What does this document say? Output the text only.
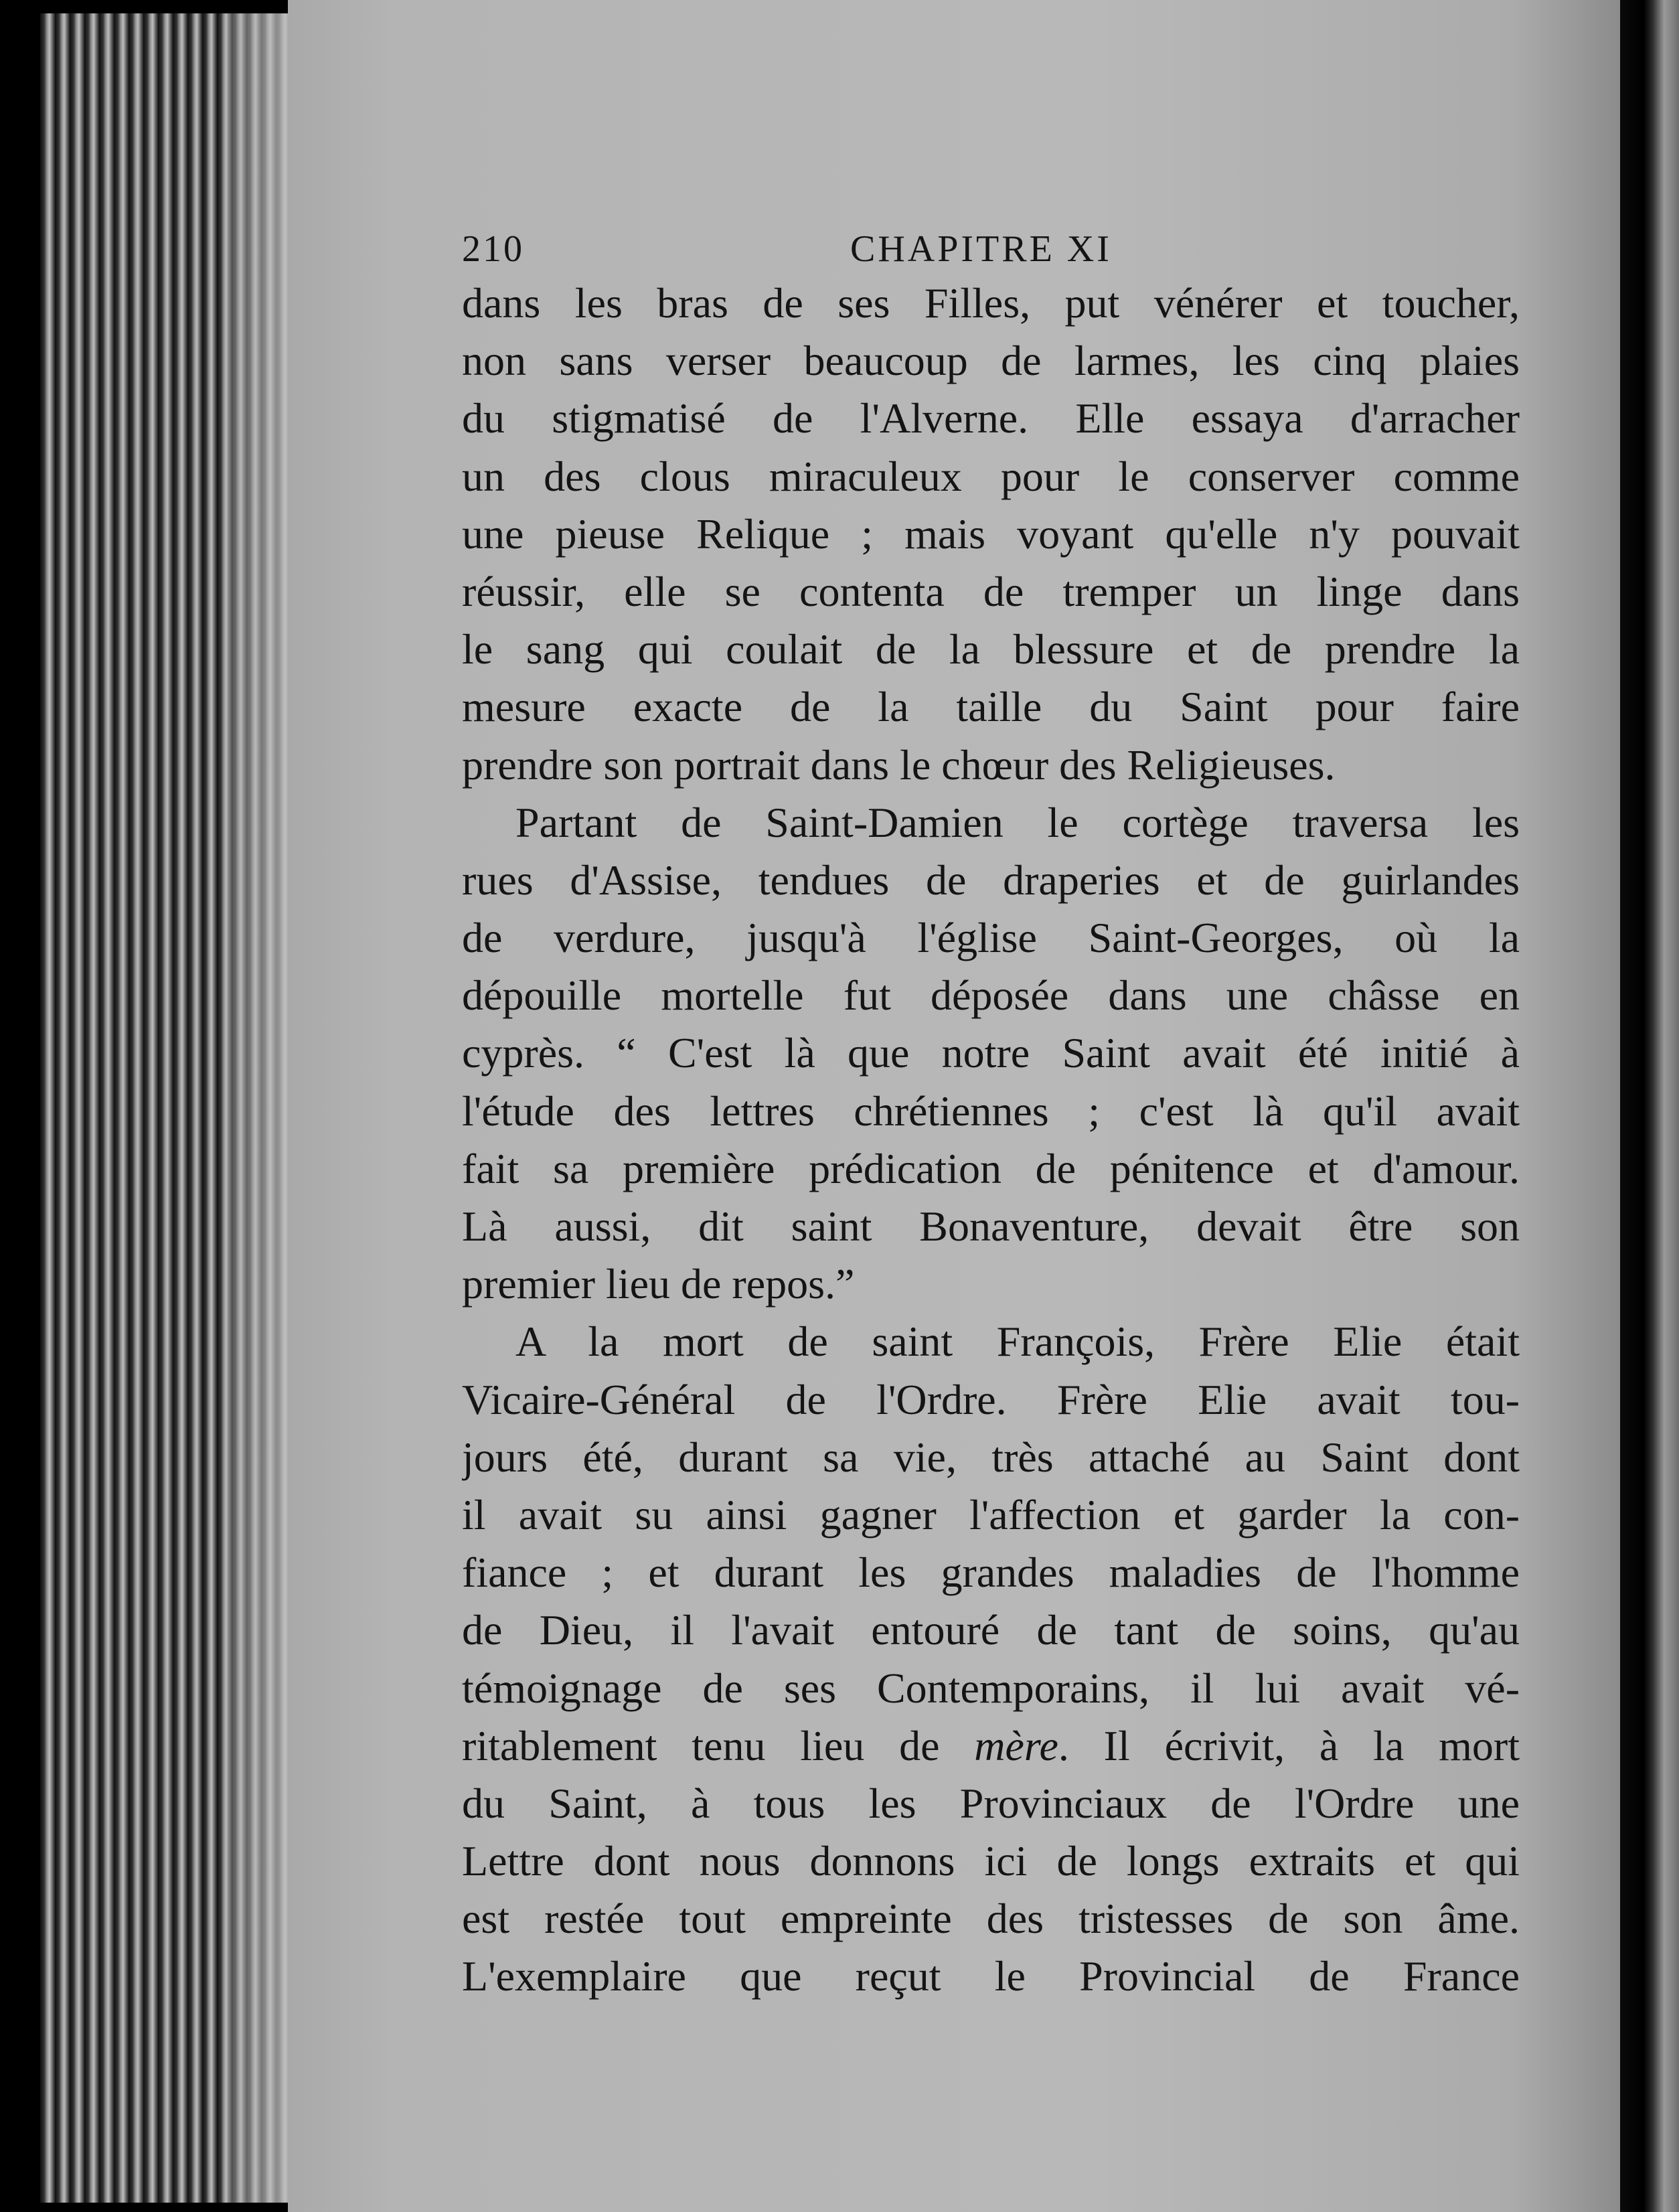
210	CHAPITRE XI

dans les bras de ses Filles, put vénérer et toucher,
non sans verser beaucoup de larmes, les cinq plaies
du stigmatisé de l'Alverne. Elle essaya d'arracher
un des clous miraculeux pour le conserver comme
une pieuse Relique ; mais voyant qu'elle n'y pouvait
réussir, elle se contenta de tremper un linge dans
le sang qui coulait de la blessure et de prendre la
mesure exacte de la taille du Saint pour faire
prendre son portrait dans le chœur des Religieuses.

Partant de Saint-Damien le cortège traversa les
rues d'Assise, tendues de draperies et de guirlandes
de verdure, jusqu'à l'église Saint-Georges, où la
dépouille mortelle fut déposée dans une châsse en
cyprès. “ C'est là que notre Saint avait été initié à
l'étude des lettres chrétiennes ; c'est là qu'il avait
fait sa première prédication de pénitence et d'amour.
Là aussi, dit saint Bonaventure, devait être son
premier lieu de repos.”

A la mort de saint François, Frère Elie était
Vicaire-Général de l'Ordre. Frère Elie avait tou-
jours été, durant sa vie, très attaché au Saint dont
il avait su ainsi gagner l'affection et garder la con-
fiance ; et durant les grandes maladies de l'homme
de Dieu, il l'avait entouré de tant de soins, qu'au
témoignage de ses Contemporains, il lui avait vé-
ritablement tenu lieu de mère. Il écrivit, à la mort
du Saint, à tous les Provinciaux de l'Ordre une
Lettre dont nous donnons ici de longs extraits et qui
est restée tout empreinte des tristesses de son âme.
L'exemplaire que reçut le Provincial de France
